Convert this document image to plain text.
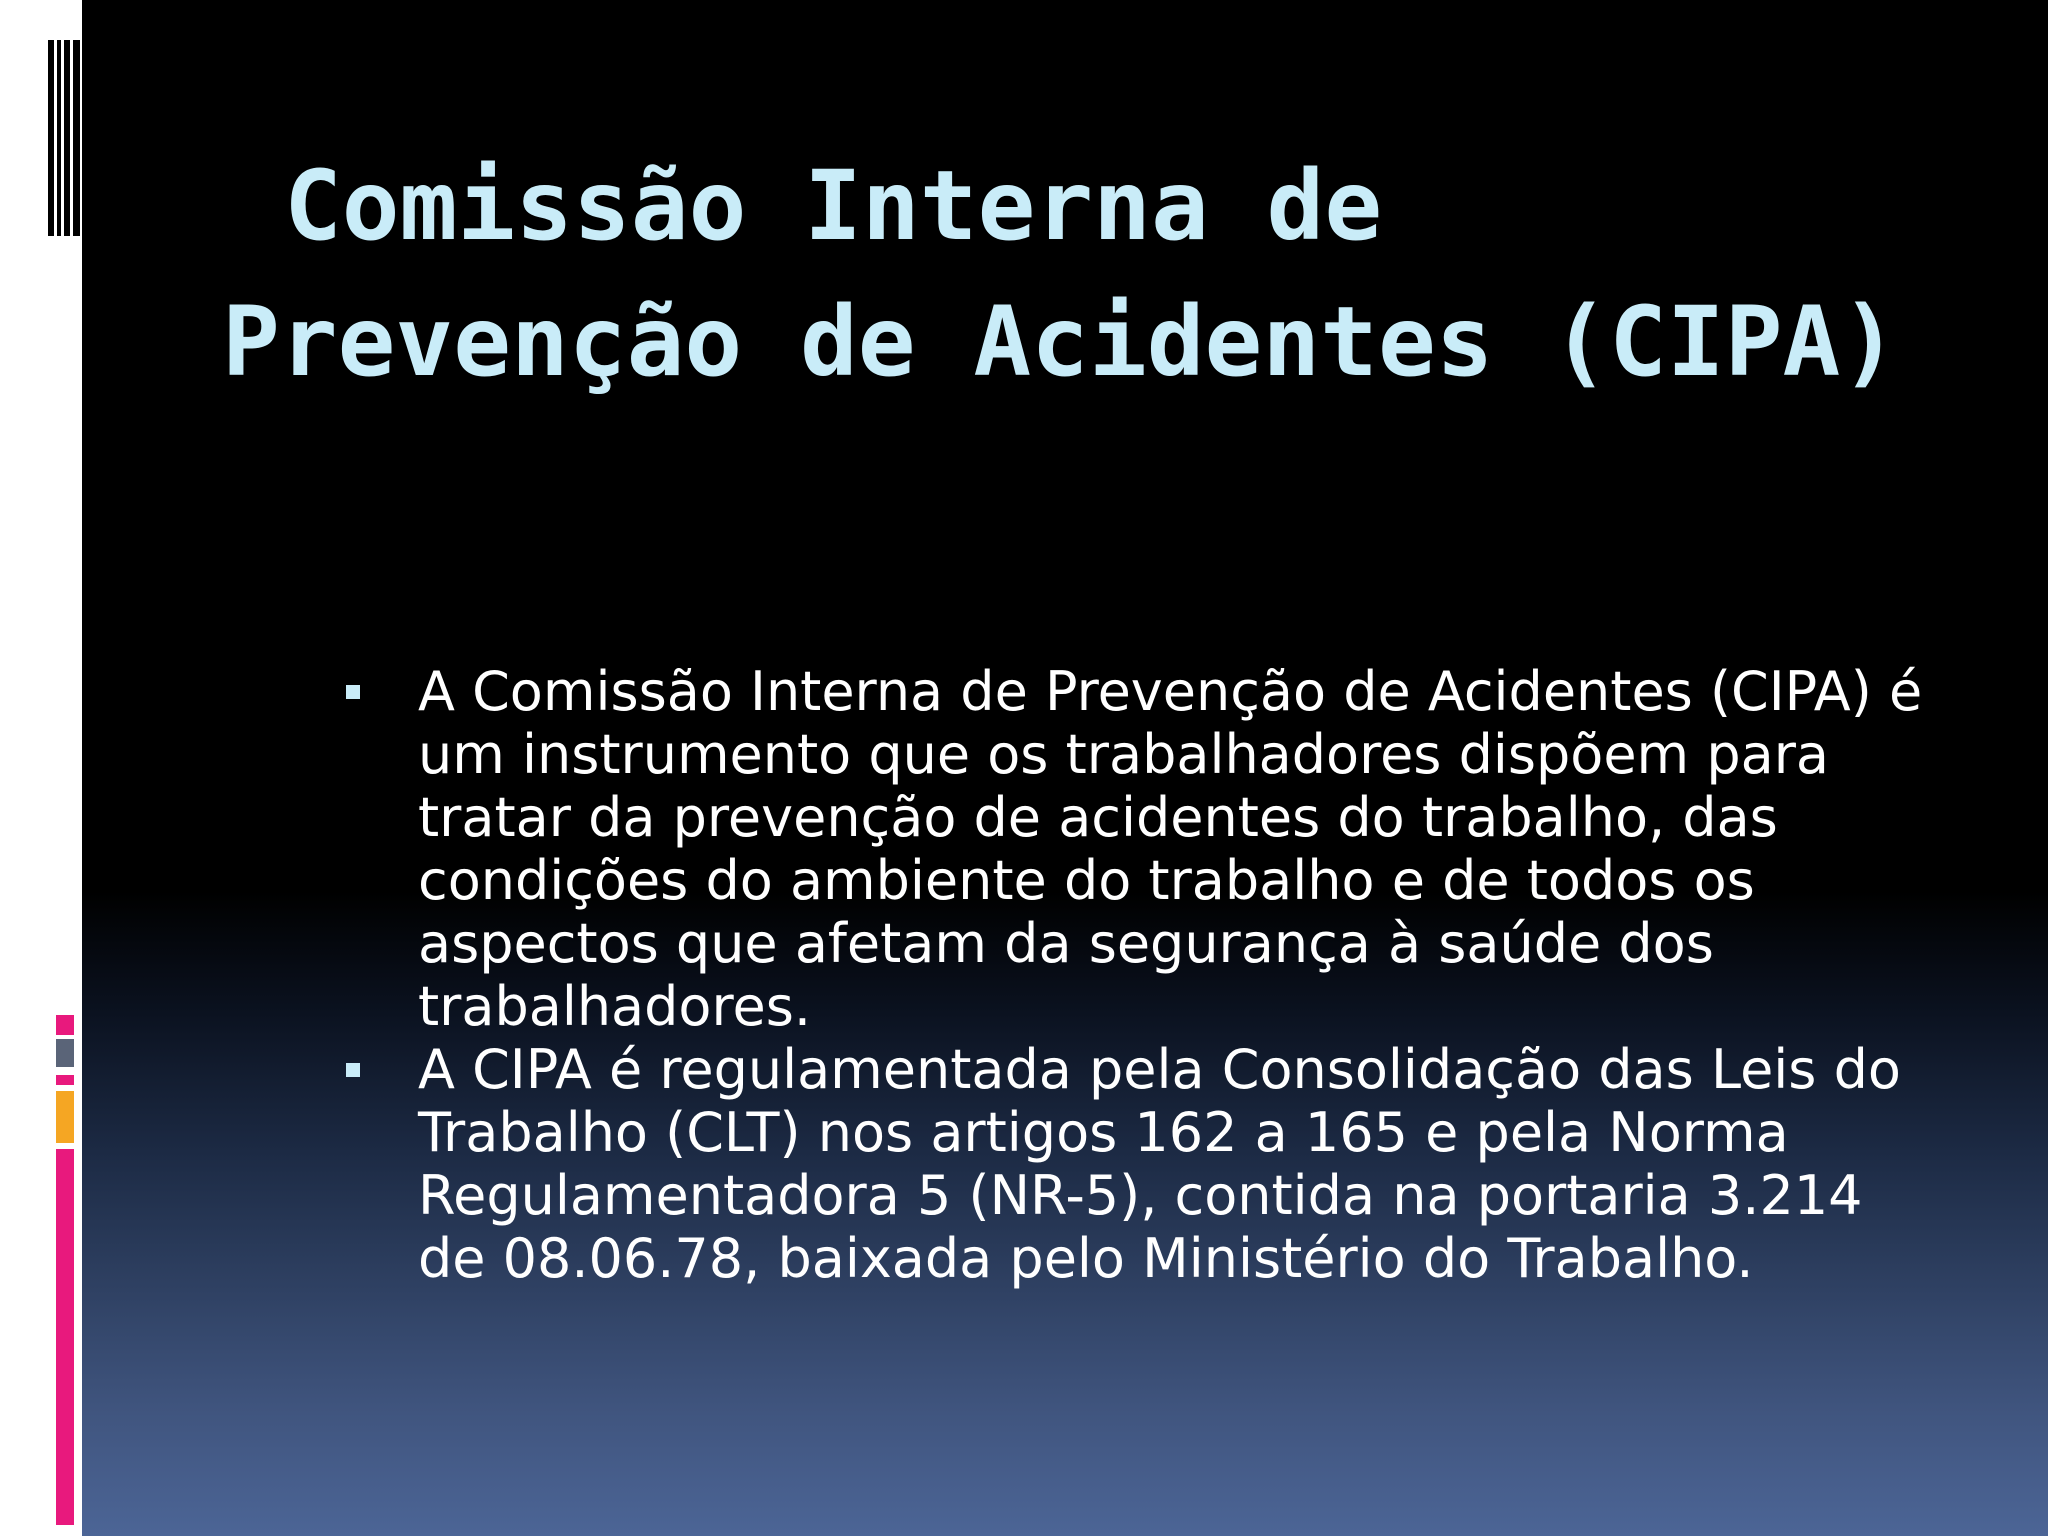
Comissão Interna de
Prevenção de Acidentes (CIPA)
A Comissão Interna de Prevenção de Acidentes (CIPA) é um instrumento que os trabalhadores dispõem para tratar da prevenção de acidentes do trabalho, das condições do ambiente do trabalho e de todos os aspectos que afetam da segurança à saúde dos trabalhadores.
A CIPA é regulamentada pela Consolidação das Leis do Trabalho (CLT) nos artigos 162 a 165 e pela Norma Regulamentadora 5 (NR-5), contida na portaria 3.214 de 08.06.78, baixada pelo Ministério do Trabalho.
